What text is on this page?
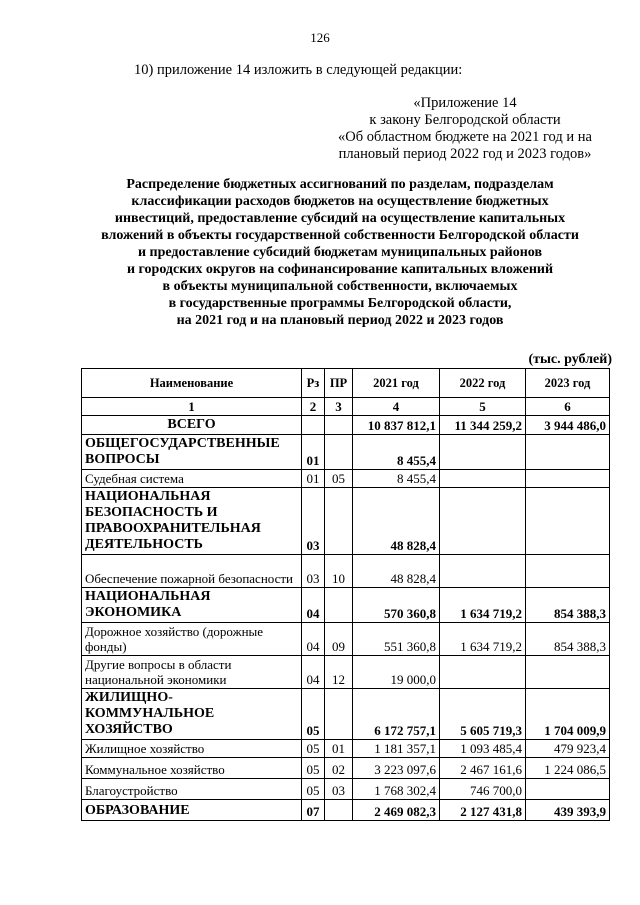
126
10) приложение 14 изложить в следующей редакции:
«Приложение 14
к закону Белгородской области
«Об областном бюджете на 2021 год и на
плановый период 2022 год и 2023 годов»
Распределение бюджетных ассигнований по разделам, подразделам
классификации расходов бюджетов на осуществление бюджетных
инвестиций, предоставление субсидий на осуществление капитальных
вложений в объекты государственной собственности Белгородской области
и предоставление субсидий бюджетам муниципальных районов
и городских округов на софинансирование капитальных вложений
в объекты муниципальной собственности, включаемых
в государственные программы Белгородской области,
на 2021 год и на плановый период 2022 и 2023 годов
(тыс. рублей)
Наименование	Рз	ПР	2021 год	2022 год	2023 год
1	2	3	4	5	6
ВСЕГО			10 837 812,1	11 344 259,2	3 944 486,0
ОБЩЕГОСУДАРСТВЕННЫЕ ВОПРОСЫ	01		8 455,4		
Судебная система	01	05	8 455,4		
НАЦИОНАЛЬНАЯ БЕЗОПАСНОСТЬ И ПРАВООХРАНИТЕЛЬНАЯ ДЕЯТЕЛЬНОСТЬ	03		48 828,4		
Обеспечение пожарной безопасности	03	10	48 828,4		
НАЦИОНАЛЬНАЯ ЭКОНОМИКА	04		570 360,8	1 634 719,2	854 388,3
Дорожное хозяйство (дорожные фонды)	04	09	551 360,8	1 634 719,2	854 388,3
Другие вопросы в области национальной экономики	04	12	19 000,0		
ЖИЛИЩНО-КОММУНАЛЬНОЕ ХОЗЯЙСТВО	05		6 172 757,1	5 605 719,3	1 704 009,9
Жилищное хозяйство	05	01	1 181 357,1	1 093 485,4	479 923,4
Коммунальное хозяйство	05	02	3 223 097,6	2 467 161,6	1 224 086,5
Благоустройство	05	03	1 768 302,4	746 700,0	
ОБРАЗОВАНИЕ	07		2 469 082,3	2 127 431,8	439 393,9
